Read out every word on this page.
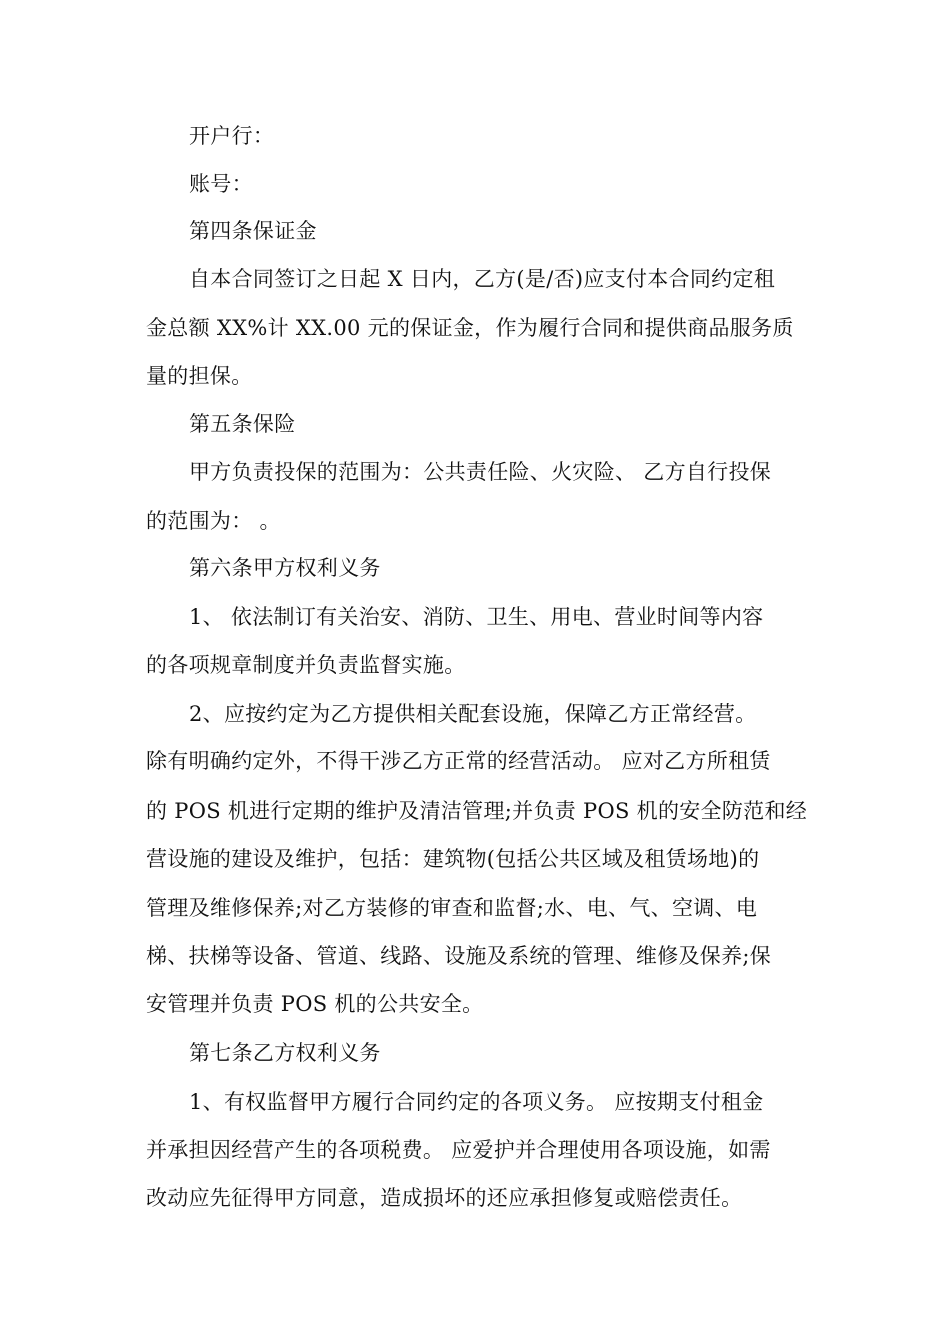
开户行：
账号：
第四条保证金
自本合同签订之日起 X 日内，乙方(是/否)应支付本合同约定租
金总额 XX%计 XX.00 元的保证金，作为履行合同和提供商品服务质
量的担保。
第五条保险
甲方负责投保的范围为：公共责任险、火灾险、 乙方自行投保
的范围为： 。
第六条甲方权利义务
1、 依法制订有关治安、消防、卫生、用电、营业时间等内容
的各项规章制度并负责监督实施。
2、应按约定为乙方提供相关配套设施，保障乙方正常经营。
除有明确约定外，不得干涉乙方正常的经营活动。 应对乙方所租赁
的 POS 机进行定期的维护及清洁管理;并负责 POS 机的安全防范和经
营设施的建设及维护，包括：建筑物(包括公共区域及租赁场地)的
管理及维修保养;对乙方装修的审查和监督;水、电、气、空调、电
梯、扶梯等设备、管道、线路、设施及系统的管理、维修及保养;保
安管理并负责 POS 机的公共安全。
第七条乙方权利义务
1、有权监督甲方履行合同约定的各项义务。 应按期支付租金
并承担因经营产生的各项税费。 应爱护并合理使用各项设施，如需
改动应先征得甲方同意，造成损坏的还应承担修复或赔偿责任。
